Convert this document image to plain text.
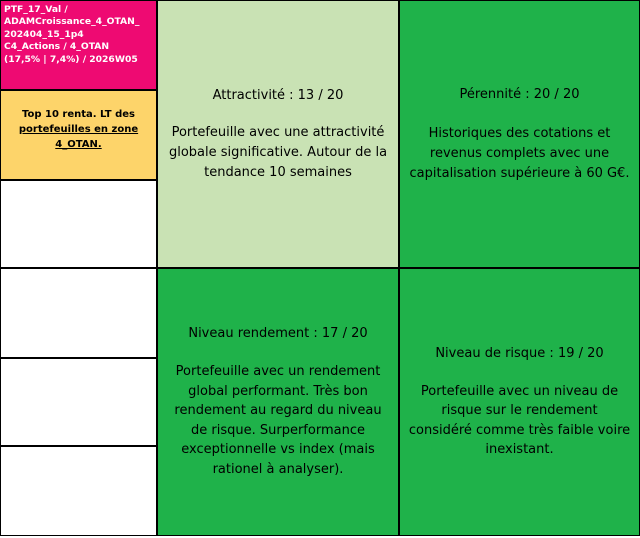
PTF_17_Val /
ADAMCroissance_4_OTAN_
202404_15_1p4
C4_Actions / 4_OTAN
(17,5% | 7,4%) / 2026W05
Top 10 renta. LT des
portefeuilles en zone
4_OTAN.
Attractivité : 13 / 20
Portefeuille avec une attractivité globale significative. Autour de la tendance 10 semaines
Pérennité : 20 / 20
Historiques des cotations et revenus complets avec une capitalisation supérieure à 60 G€.
Niveau rendement : 17 / 20
Portefeuille avec un rendement global performant. Très bon rendement au regard du niveau de risque. Surperformance exceptionnelle vs index (mais rationel à analyser).
Niveau de risque : 19 / 20
Portefeuille avec un niveau de risque sur le rendement considéré comme très faible voire inexistant.
